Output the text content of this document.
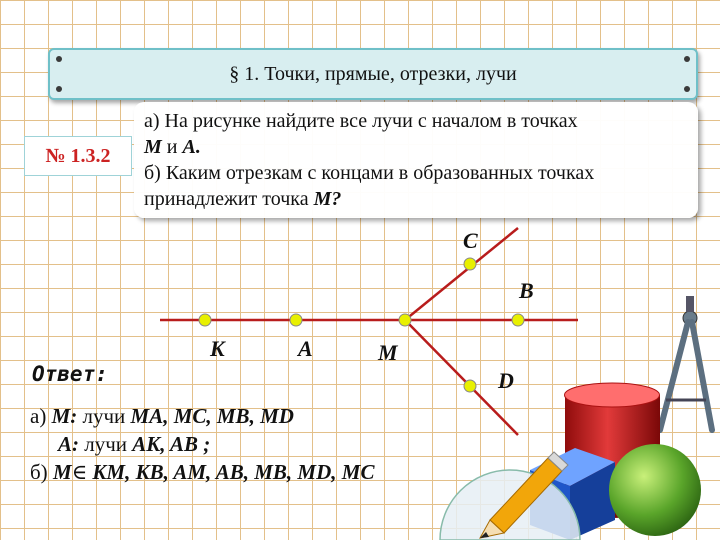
§ 1. Точки, прямые, отрезки, лучи
№ 1.3.2

а) На рисунке найдите все лучи с началом в точках

M и A.

б) Каким отрезкам с концами в образованных точках

принадлежит точка M?

K	A	M
B
C
D
Ответ:
а) M: лучи MA, MC, MB, MD
A: лучи AK, AB ;
б) M∈ KM, KB, AM, AB, MB, MD, MC
